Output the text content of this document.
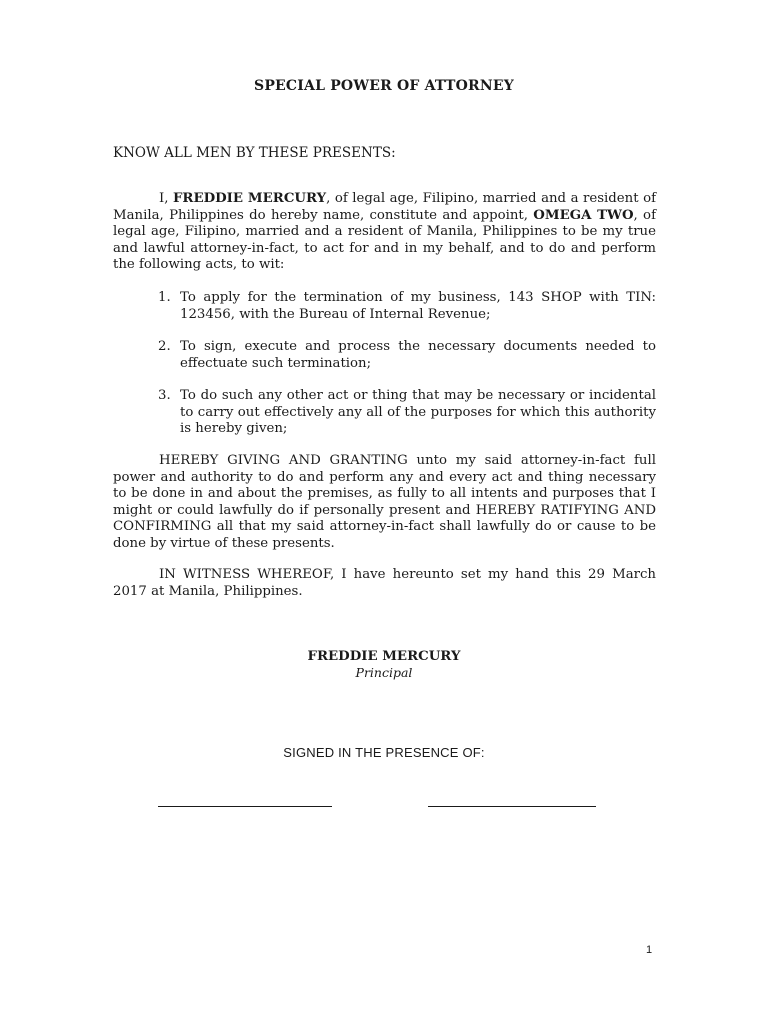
SPECIAL POWER OF ATTORNEY
KNOW ALL MEN BY THESE PRESENTS:
I, FREDDIE MERCURY, of legal age, Filipino, married and a resident of Manila, Philippines do hereby name, constitute and appoint, OMEGA TWO, of legal age, Filipino, married and a resident of Manila, Philippines to be my true and lawful attorney-in-fact, to act for and in my behalf, and to do and perform the following acts, to wit:
1. To apply for the termination of my business, 143 SHOP with TIN: 123456, with the Bureau of Internal Revenue;
2. To sign, execute and process the necessary documents needed to effectuate such termination;
3. To do such any other act or thing that may be necessary or incidental to carry out effectively any all of the purposes for which this authority is hereby given;
HEREBY GIVING AND GRANTING unto my said attorney-in-fact full power and authority to do and perform any and every act and thing necessary to be done in and about the premises, as fully to all intents and purposes that I might or could lawfully do if personally present and HEREBY RATIFYING AND CONFIRMING all that my said attorney-in-fact shall lawfully do or cause to be done by virtue of these presents.
IN WITNESS WHEREOF, I have hereunto set my hand this 29 March 2017 at Manila, Philippines.
FREDDIE MERCURY
Principal
SIGNED IN THE PRESENCE OF:
1
